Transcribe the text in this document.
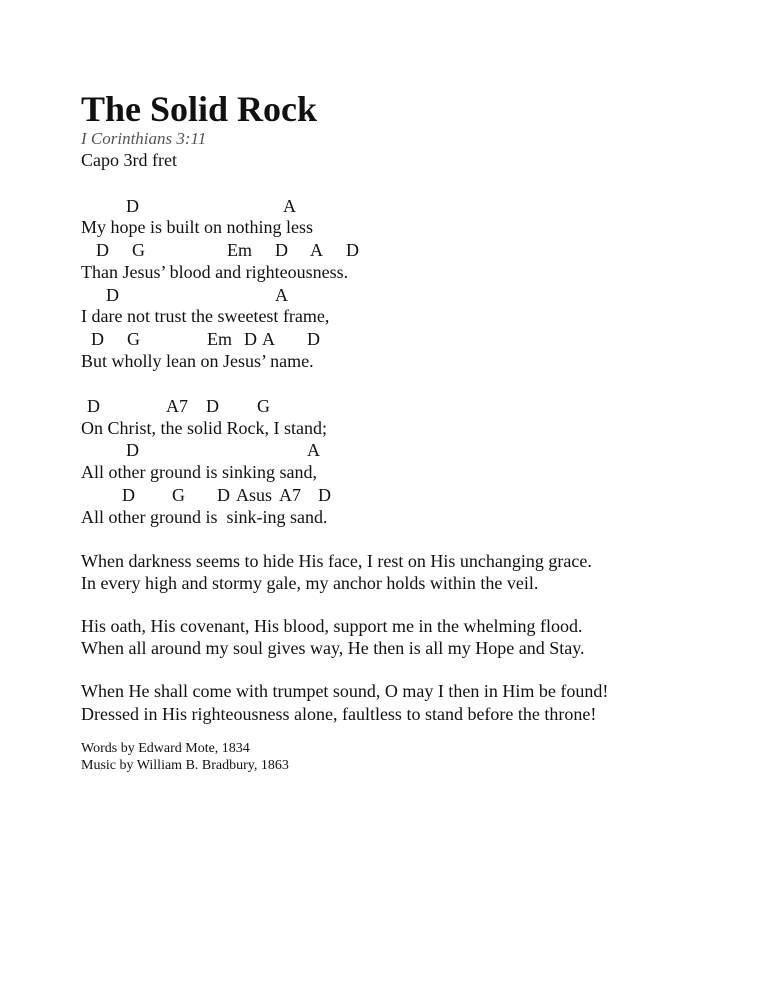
The Solid Rock
I Corinthians 3:11
Capo 3rd fret
D	A
My hope is built on nothing less
D G	Em D A D
Than Jesus’ blood and righteousness.
D	A
I dare not trust the sweetest frame,
D G	Em D A D
But wholly lean on Jesus’ name.
D	A7 D G
On Christ, the solid Rock, I stand;
D	A
All other ground is sinking sand,
D G D Asus A7 D
All other ground is  sink-ing sand.
When darkness seems to hide His face, I rest on His unchanging grace.
In every high and stormy gale, my anchor holds within the veil.
His oath, His covenant, His blood, support me in the whelming flood.
When all around my soul gives way, He then is all my Hope and Stay.
When He shall come with trumpet sound, O may I then in Him be found!
Dressed in His righteousness alone, faultless to stand before the throne!
Words by Edward Mote, 1834
Music by William B. Bradbury, 1863
